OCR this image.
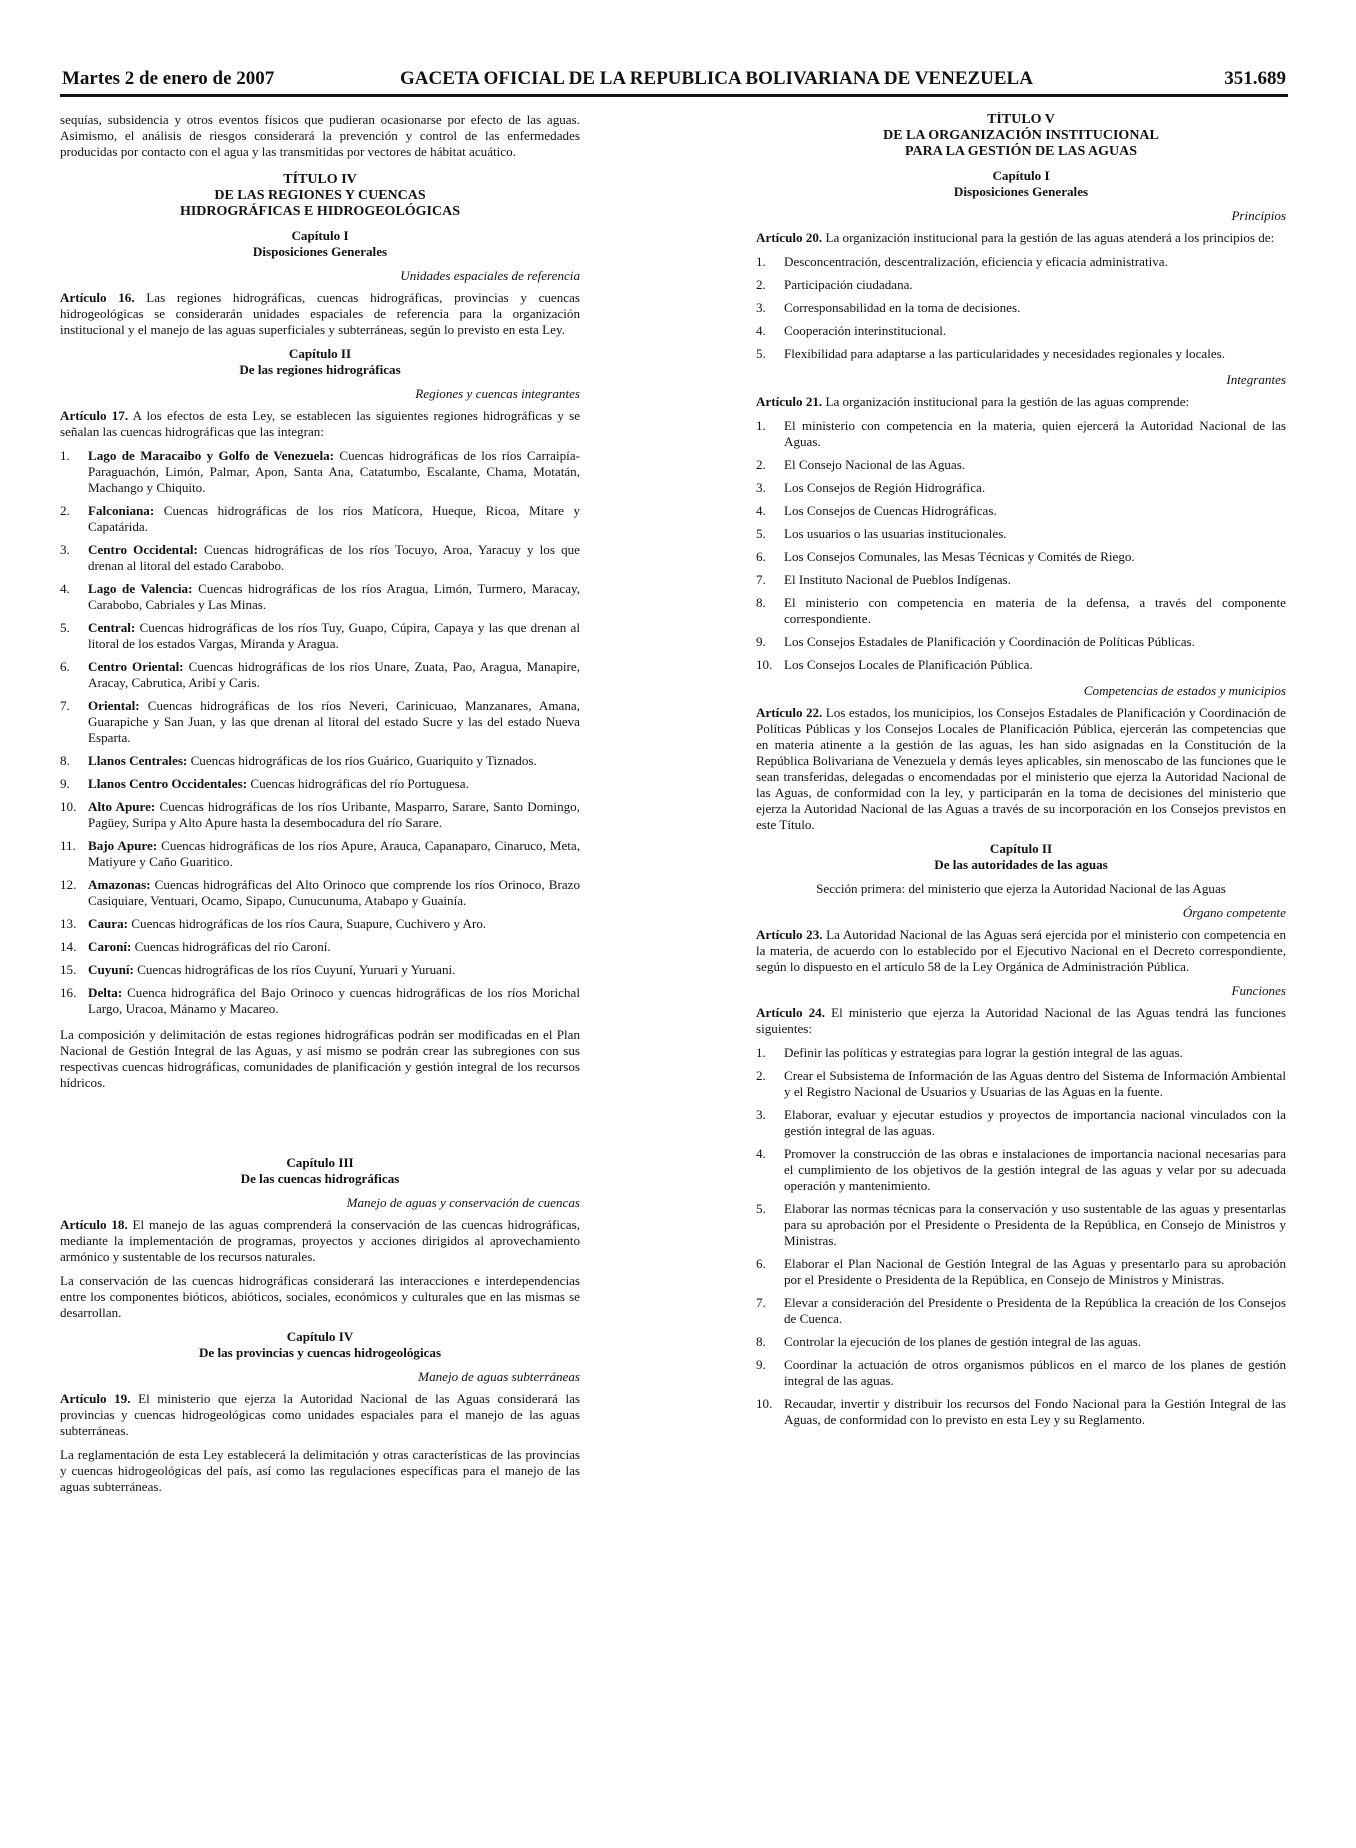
Martes 2 de enero de 2007	GACETA OFICIAL DE LA REPUBLICA BOLIVARIANA DE VENEZUELA	351.689

sequías, subsidencia y otros eventos físicos que pudieran ocasionarse por efecto de las aguas. Asimismo, el análisis de riesgos considerará la prevención y control de las enfermedades producidas por contacto con el agua y las transmitidas por vectores de hábitat acuático.

TÍTULO IV
DE LAS REGIONES Y CUENCAS
HIDROGRÁFICAS E HIDROGEOLÓGICAS
Capítulo I
Disposiciones Generales
Unidades espaciales de referencia

Artículo 16. Las regiones hidrográficas, cuencas hidrográficas, provincias y cuencas hidrogeológicas se considerarán unidades espaciales de referencia para la organización institucional y el manejo de las aguas superficiales y subterráneas, según lo previsto en esta Ley.

Capítulo II
De las regiones hidrográficas
Regiones y cuencas integrantes

Artículo 17. A los efectos de esta Ley, se establecen las siguientes regiones hidrográficas y se señalan las cuencas hidrográficas que las integran:

1.	Lago de Maracaibo y Golfo de Venezuela: Cuencas hidrográficas de los ríos Carraipía-Paraguachón, Limón, Palmar, Apon, Santa Ana, Catatumbo, Escalante, Chama, Motatán, Machango y Chiquito.
2.	Falconiana: Cuencas hidrográficas de los ríos Matícora, Hueque, Ricoa, Mitare y Capatárida.
3.	Centro Occidental: Cuencas hidrográficas de los ríos Tocuyo, Aroa, Yaracuy y los que drenan al litoral del estado Carabobo.
4.	Lago de Valencia: Cuencas hidrográficas de los ríos Aragua, Limón, Turmero, Maracay, Carabobo, Cabriales y Las Minas.
5.	Central: Cuencas hidrográficas de los ríos Tuy, Guapo, Cúpira, Capaya y las que drenan al litoral de los estados Vargas, Miranda y Aragua.
6.	Centro Oriental: Cuencas hidrográficas de los ríos Unare, Zuata, Pao, Aragua, Manapire, Aracay, Cabrutica, Aribí y Caris.
7.	Oriental: Cuencas hidrográficas de los ríos Neveri, Carinicuao, Manzanares, Amana, Guarapiche y San Juan, y las que drenan al litoral del estado Sucre y las del estado Nueva Esparta.
8.	Llanos Centrales: Cuencas hidrográficas de los ríos Guárico, Guariquito y Tiznados.
9.	Llanos Centro Occidentales: Cuencas hidrográficas del río Portuguesa.
10. Alto Apure: Cuencas hidrográficas de los ríos Uribante, Masparro, Sarare, Santo Domingo, Pagüey, Suripa y Alto Apure hasta la desembocadura del río Sarare.
11. Bajo Apure: Cuencas hidrográficas de los ríos Apure, Arauca, Capanaparo, Cinaruco, Meta, Matiyure y Caño Guaritico.
12. Amazonas: Cuencas hidrográficas del Alto Orinoco que comprende los ríos Orinoco, Brazo Casiquiare, Ventuari, Ocamo, Sipapo, Cunucunuma, Atabapo y Guainía.
13. Caura: Cuencas hidrográficas de los ríos Caura, Suapure, Cuchivero y Aro.
14. Caroní: Cuencas hidrográficas del río Caroní.
15. Cuyuní: Cuencas hidrográficas de los ríos Cuyuní, Yuruari y Yuruani.
16. Delta: Cuenca hidrográfica del Bajo Orinoco y cuencas hidrográficas de los ríos Morichal Largo, Uracoa, Mánamo y Macareo.

La composición y delimitación de estas regiones hidrográficas podrán ser modificadas en el Plan Nacional de Gestión Integral de las Aguas, y así mismo se podrán crear las subregiones con sus respectivas cuencas hidrográficas, comunidades de planificación y gestión integral de los recursos hídricos.

Capítulo III
De las cuencas hidrográficas
Manejo de aguas y conservación de cuencas

Artículo 18. El manejo de las aguas comprenderá la conservación de las cuencas hidrográficas, mediante la implementación de programas, proyectos y acciones dirigidos al aprovechamiento armónico y sustentable de los recursos naturales.

La conservación de las cuencas hidrográficas considerará las interacciones e interdependencias entre los componentes bióticos, abióticos, sociales, económicos y culturales que en las mismas se desarrollan.

Capítulo IV
De las provincias y cuencas hidrogeológicas
Manejo de aguas subterráneas

Artículo 19. El ministerio que ejerza la Autoridad Nacional de las Aguas considerará las provincias y cuencas hidrogeológicas como unidades espaciales para el manejo de las aguas subterráneas.

La reglamentación de esta Ley establecerá la delimitación y otras características de las provincias y cuencas hidrogeológicas del país, así como las regulaciones específicas para el manejo de las aguas subterráneas.

TÍTULO V
DE LA ORGANIZACIÓN INSTITUCIONAL
PARA LA GESTIÓN DE LAS AGUAS
Capítulo I
Disposiciones Generales
Principios

Artículo 20. La organización institucional para la gestión de las aguas atenderá a los principios de:

1.	Desconcentración, descentralización, eficiencia y eficacia administrativa.
2.	Participación ciudadana.
3.	Corresponsabilidad en la toma de decisiones.
4.	Cooperación interinstitucional.
5.	Flexibilidad para adaptarse a las particularidades y necesidades regionales y locales.
Integrantes

Artículo 21. La organización institucional para la gestión de las aguas comprende:

1.	El ministerio con competencia en la materia, quien ejercerá la Autoridad Nacional de las Aguas.
2.	El Consejo Nacional de las Aguas.
3.	Los Consejos de Región Hidrográfica.
4.	Los Consejos de Cuencas Hidrográficas.
5.	Los usuarios o las usuarias institucionales.
6.	Los Consejos Comunales, las Mesas Técnicas y Comités de Riego.
7.	El Instituto Nacional de Pueblos Indígenas.
8.	El ministerio con competencia en materia de la defensa, a través del componente correspondiente.
9.	Los Consejos Estadales de Planificación y Coordinación de Políticas Públicas.
10. Los Consejos Locales de Planificación Pública.
Competencias de estados y municipios

Artículo 22. Los estados, los municipios, los Consejos Estadales de Planificación y Coordinación de Políticas Públicas y los Consejos Locales de Planificación Pública, ejercerán las competencias que en materia atinente a la gestión de las aguas, les han sido asignadas en la Constitución de la República Bolivariana de Venezuela y demás leyes aplicables, sin menoscabo de las funciones que le sean transferidas, delegadas o encomendadas por el ministerio que ejerza la Autoridad Nacional de las Aguas, de conformidad con la ley, y participarán en la toma de decisiones del ministerio que ejerza la Autoridad Nacional de las Aguas a través de su incorporación en los Consejos previstos en este Título.

Capítulo II
De las autoridades de las aguas

Sección primera: del ministerio que ejerza la Autoridad Nacional de las Aguas

Órgano competente

Artículo 23. La Autoridad Nacional de las Aguas será ejercida por el ministerio con competencia en la materia, de acuerdo con lo establecido por el Ejecutivo Nacional en el Decreto correspondiente, según lo dispuesto en el artículo 58 de la Ley Orgánica de Administración Pública.

Funciones

Artículo 24. El ministerio que ejerza la Autoridad Nacional de las Aguas tendrá las funciones siguientes:

1.	Definir las políticas y estrategias para lograr la gestión integral de las aguas.
2.	Crear el Subsistema de Información de las Aguas dentro del Sistema de Información Ambiental y el Registro Nacional de Usuarios y Usuarias de las Aguas en la fuente.
3.	Elaborar, evaluar y ejecutar estudios y proyectos de importancia nacional vinculados con la gestión integral de las aguas.
4.	Promover la construcción de las obras e instalaciones de importancia nacional necesarias para el cumplimiento de los objetivos de la gestión integral de las aguas y velar por su adecuada operación y mantenimiento.
5.	Elaborar las normas técnicas para la conservación y uso sustentable de las aguas y presentarlas para su aprobación por el Presidente o Presidenta de la República, en Consejo de Ministros y Ministras.
6.	Elaborar el Plan Nacional de Gestión Integral de las Aguas y presentarlo para su aprobación por el Presidente o Presidenta de la República, en Consejo de Ministros y Ministras.
7.	Elevar a consideración del Presidente o Presidenta de la República la creación de los Consejos de Cuenca.
8.	Controlar la ejecución de los planes de gestión integral de las aguas.
9.	Coordinar la actuación de otros organismos públicos en el marco de los planes de gestión integral de las aguas.
10. Recaudar, invertir y distribuir los recursos del Fondo Nacional para la Gestión Integral de las Aguas, de conformidad con lo previsto en esta Ley y su Reglamento.
